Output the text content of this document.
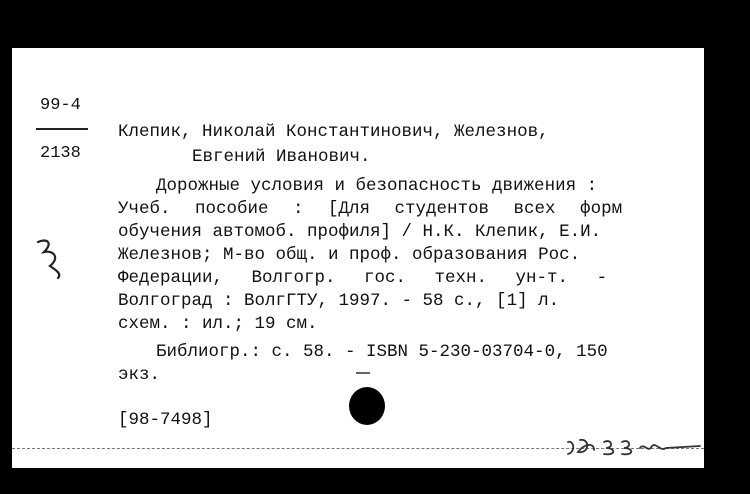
99-4
2138
Клепик, Николай Константинович, Железнов,
Евгений Иванович.
Дорожные условия и безопасность движения :
Учеб. пособие : [Для студентов всех форм
обучения автомоб. профиля] / Н.К. Клепик, Е.И.
Железнов; М-во общ. и проф. образования Рос.
Федерации, Волгогр. гос. техн. ун-т. -
Волгоград : ВолгГТУ, 1997. - 58 с., [1] л.
схем. : ил.; 19 см.
Библиогр.: с. 58. - ISBN 5-230-03704-0, 150
экз.
[98-7498]
